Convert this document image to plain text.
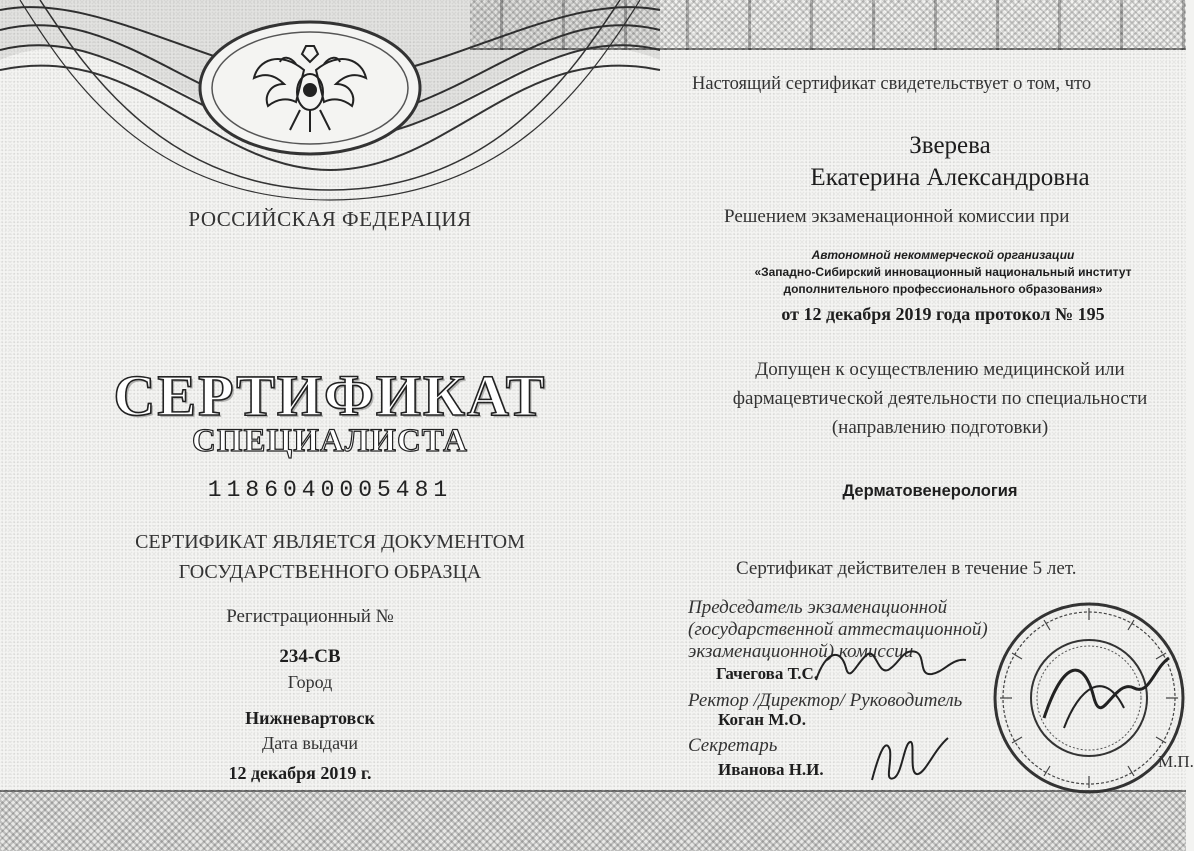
РОССИЙСКАЯ ФЕДЕРАЦИЯ
СЕРТИФИКАТ
СПЕЦИАЛИСТА
1186040005481
СЕРТИФИКАТ ЯВЛЯЕТСЯ ДОКУМЕНТОМ
ГОСУДАРСТВЕННОГО ОБРАЗЦА
Регистрационный №
234-СВ
Город
Нижневартовск
Дата выдачи
12 декабря 2019 г.
Настоящий сертификат свидетельствует о том, что
Зверева
Екатерина Александровна
Решением экзаменационной комиссии при
Автономной некоммерческой организации
«Западно-Сибирский инновационный национальный институт
дополнительного профессионального образования»
от 12 декабря 2019 года протокол № 195
Допущен к осуществлению медицинской или
фармацевтической деятельности по специальности
(направлению подготовки)
Дерматовенерология
Сертификат действителен в течение 5 лет.
Председатель экзаменационной
(государственной аттестационной)
экзаменационной) комиссии
Гачегова Т.С.
Ректор /Директор/ Руководитель
Коган М.О.
Секретарь
Иванова Н.И.	М.П.
